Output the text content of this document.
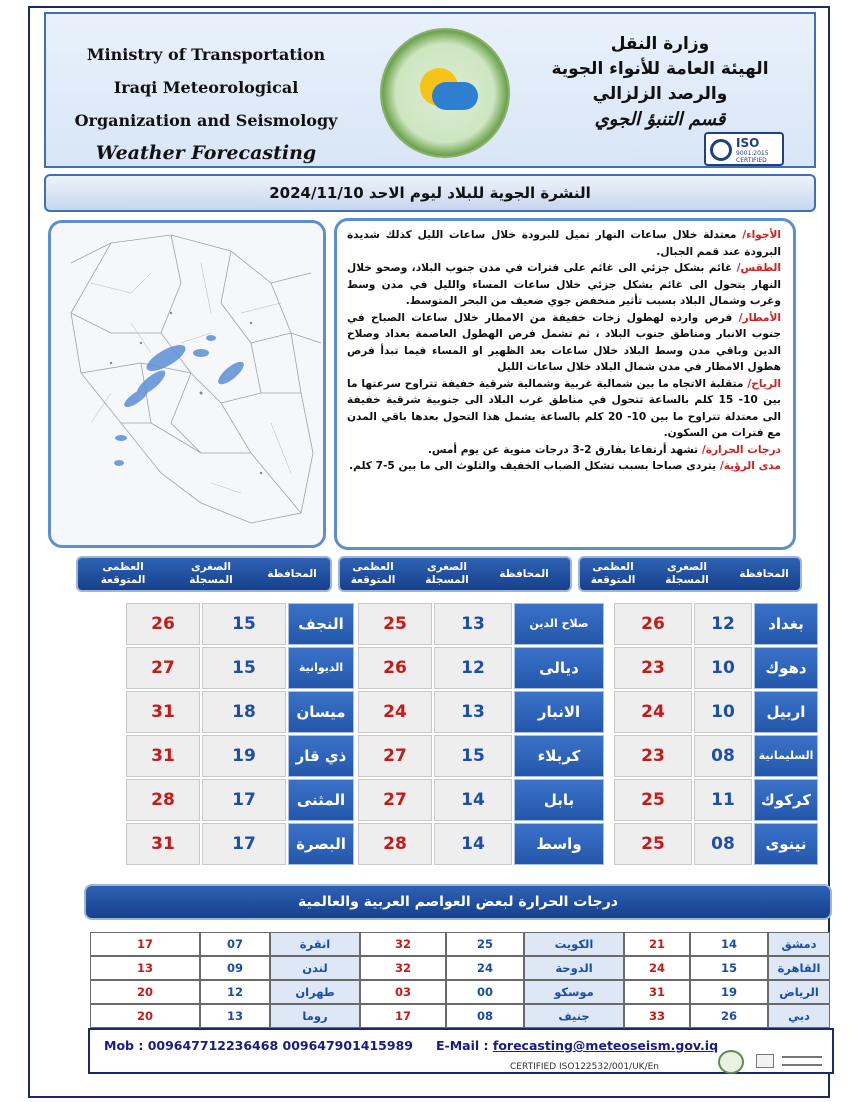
Ministry of Transportation
Iraqi Meteorological
Organization and Seismology
Weather Forecasting
وزارة النقل
الهيئة العامة للأنواء الجوية
والرصد الزلزالي
قسم التنبؤ الجوي
ISO
9001:2015
CERTIFIED
النشرة الجوية للبلاد ليوم الاحد 2024/11/10

الأجواء/ معتدلة خلال ساعات النهار تميل للبرودة خلال ساعات الليل كذلك شديدة البرودة عند قمم الجبال.

الطقس/ غائم بشكل جزئي الى غائم على فترات في مدن جنوب البلاد، وصحو خلال النهار يتحول الى غائم بشكل جزئي خلال ساعات المساء والليل في مدن وسط وغرب وشمال البلاد بسبب تأثير منخفض جوي ضعيف من البحر المتوسط.

الأمطار/ فرص وارده لهطول زخات خفيفة من الامطار خلال ساعات الصباح في جنوب الانبار ومناطق جنوب البلاد ، ثم تشمل فرص الهطول العاصمة بغداد وصلاح الدين وباقي مدن وسط البلاد خلال ساعات بعد الظهير او المساء فيما تبدأ فرص هطول الامطار في مدن شمال البلاد خلال ساعات الليل

الرياح/ متقلبة الاتجاه ما بين شمالية غربية وشمالية شرقية خفيفة تتراوح سرعتها ما بين 10- 15 كلم بالساعة تتحول في مناطق غرب البلاد الى جنوبية شرقية خفيفة الى معتدلة تتراوح ما بين 10- 20 كلم بالساعة يشمل هذا التحول بعدها باقي المدن مع فترات من السكون.

درجات الحرارة/ تشهد أرتفاعا بفارق 2-3 درجات منوية عن يوم أمس.

مدى الرؤية/ يتردى صباحا بسبب تشكل الضباب الخفيف والتلوث الى ما بين 5-7 كلم.

المحافظة
الصغرى
المسجلة
العظمى
المتوقعة
المحافظة
الصغرى
المسجلة
العظمى
المتوقعة
المحافظة
الصغرى
المسجلة
العظمى
المتوقعة
بغداد
12
26
دهوك
10
23
اربيل
10
24
السليمانية
08
23
كركوك
11
25
نينوى
08
25
صلاح الدين
13
25
ديالى
12
26
الانبار
13
24
كربلاء
15
27
بابل
14
27
واسط
14
28
النجف
15
26
الديوانية
15
27
ميسان
18
31
ذي قار
19
31
المثنى
17
28
البصرة
17
31
درجات الحرارة لبعض العواصم العربية والعالمية
دمشق
14
21
القاهرة
15
24
الرياض
19
31
دبي
26
33
الكويت
25
32
الدوحة
24
32
موسكو
00
03
جنيف
08
17
انقرة
07
17
لندن
09
13
طهران
12
20
روما
13
20
Mob : 009647712236468 009647901415989 E-Mail : forecasting@meteoseism.gov.iq
CERTIFIED ISO122532/001/UK/En
